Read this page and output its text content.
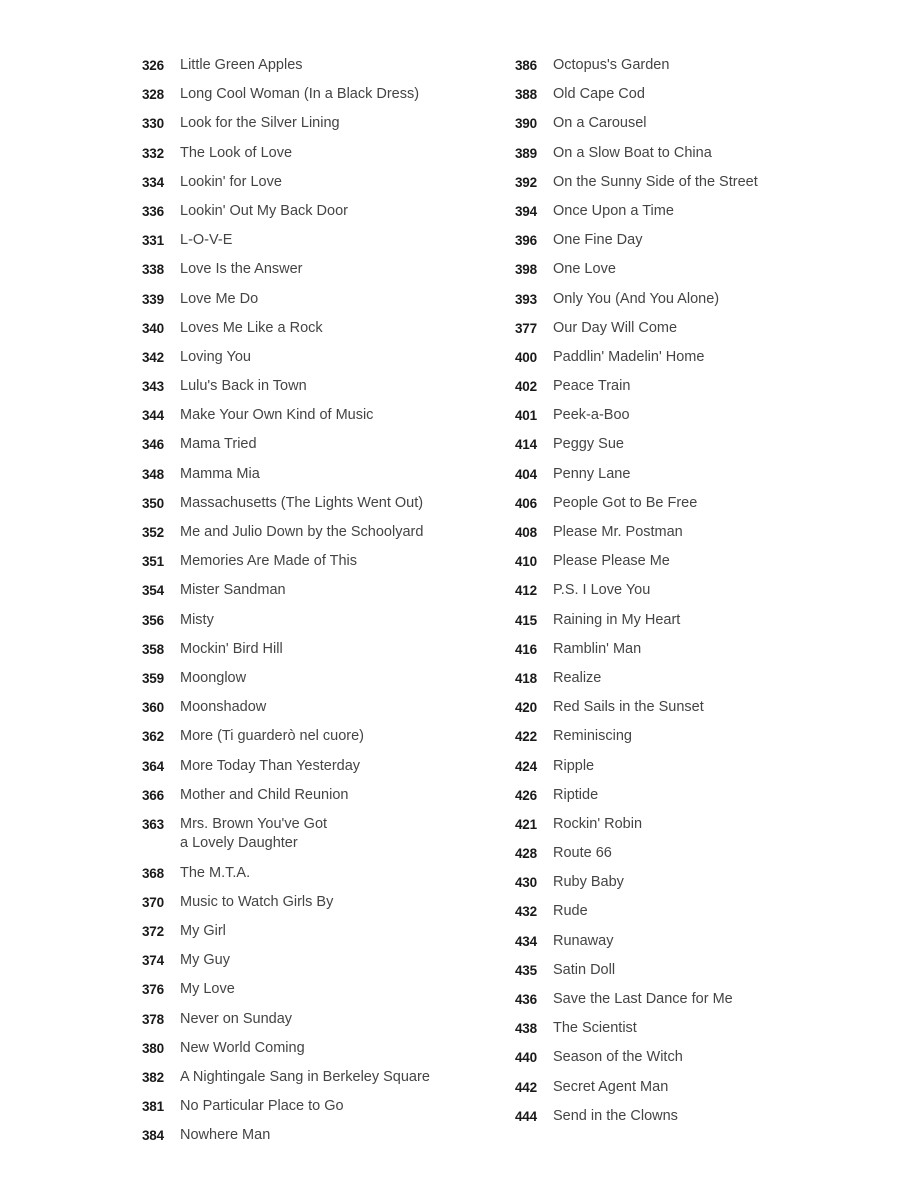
326	Little Green Apples
328	Long Cool Woman (In a Black Dress)
330	Look for the Silver Lining
332	The Look of Love
334	Lookin' for Love
336	Lookin' Out My Back Door
331	L-O-V-E
338	Love Is the Answer
339	Love Me Do
340	Loves Me Like a Rock
342	Loving You
343	Lulu's Back in Town
344	Make Your Own Kind of Music
346	Mama Tried
348	Mamma Mia
350	Massachusetts (The Lights Went Out)
352	Me and Julio Down by the Schoolyard
351	Memories Are Made of This
354	Mister Sandman
356	Misty
358	Mockin' Bird Hill
359	Moonglow
360	Moonshadow
362	More (Ti guarderò nel cuore)
364	More Today Than Yesterday
366	Mother and Child Reunion
363	Mrs. Brown You've Got
a Lovely Daughter
368	The M.T.A.
370	Music to Watch Girls By
372	My Girl
374	My Guy
376	My Love
378	Never on Sunday
380	New World Coming
382	A Nightingale Sang in Berkeley Square
381	No Particular Place to Go
384	Nowhere Man
386	Octopus's Garden
388	Old Cape Cod
390	On a Carousel
389	On a Slow Boat to China
392	On the Sunny Side of the Street
394	Once Upon a Time
396	One Fine Day
398	One Love
393	Only You (And You Alone)
377	Our Day Will Come
400	Paddlin' Madelin' Home
402	Peace Train
401	Peek-a-Boo
414	Peggy Sue
404	Penny Lane
406	People Got to Be Free
408	Please Mr. Postman
410	Please Please Me
412	P.S. I Love You
415	Raining in My Heart
416	Ramblin' Man
418	Realize
420	Red Sails in the Sunset
422	Reminiscing
424	Ripple
426	Riptide
421	Rockin' Robin
428	Route 66
430	Ruby Baby
432	Rude
434	Runaway
435	Satin Doll
436	Save the Last Dance for Me
438	The Scientist
440	Season of the Witch
442	Secret Agent Man
444	Send in the Clowns
